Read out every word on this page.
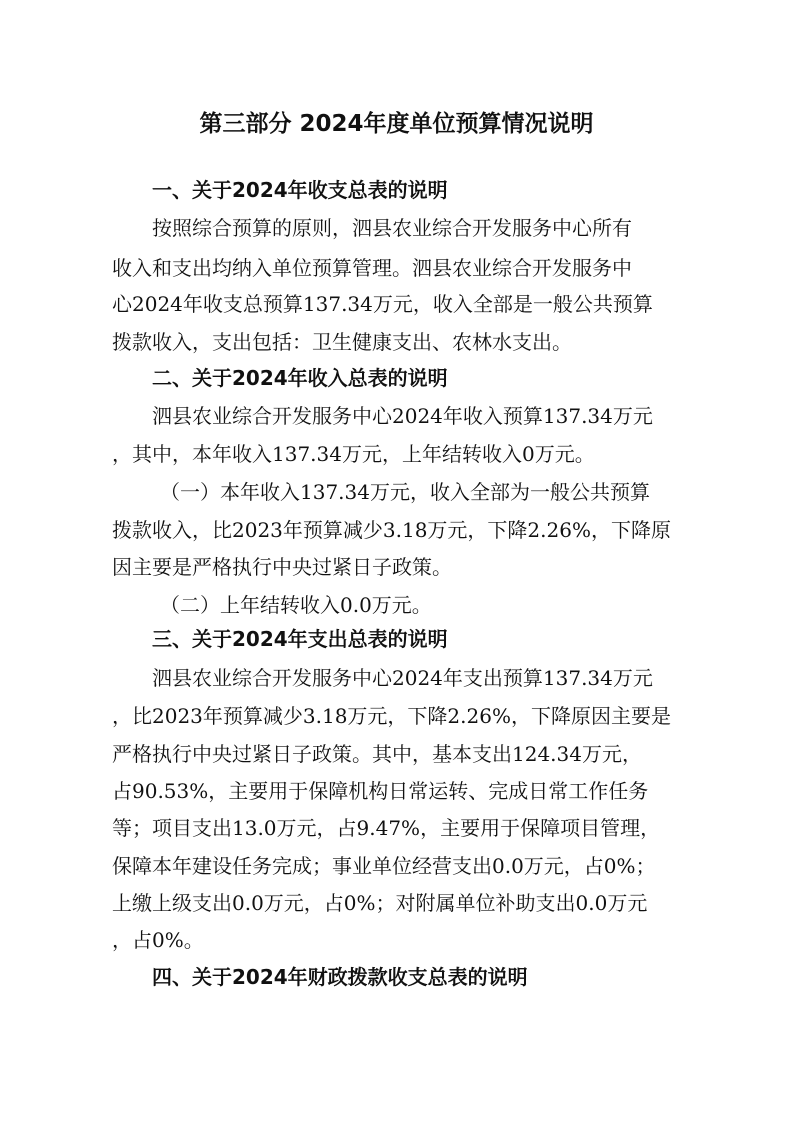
第三部分 2024年度单位预算情况说明
一、关于2024年收支总表的说明

按照综合预算的原则，泗县农业综合开发服务中心所有

收入和支出均纳入单位预算管理。泗县农业综合开发服务中

心2024年收支总预算137.34万元，收入全部是一般公共预算

拨款收入，支出包括：卫生健康支出、农林水支出。

二、关于2024年收入总表的说明

泗县农业综合开发服务中心2024年收入预算137.34万元

，其中，本年收入137.34万元，上年结转收入0万元。

（一）本年收入137.34万元，收入全部为一般公共预算

拨款收入，比2023年预算减少3.18万元，下降2.26%，下降原

因主要是严格执行中央过紧日子政策。

（二）上年结转收入0.0万元。

三、关于2024年支出总表的说明

泗县农业综合开发服务中心2024年支出预算137.34万元

，比2023年预算减少3.18万元，下降2.26%，下降原因主要是

严格执行中央过紧日子政策。其中，基本支出124.34万元，

占90.53%，主要用于保障机构日常运转、完成日常工作任务

等；项目支出13.0万元，占9.47%，主要用于保障项目管理，

保障本年建设任务完成；事业单位经营支出0.0万元，占0%；

上缴上级支出0.0万元，占0%；对附属单位补助支出0.0万元

，占0%。

四、关于2024年财政拨款收支总表的说明
